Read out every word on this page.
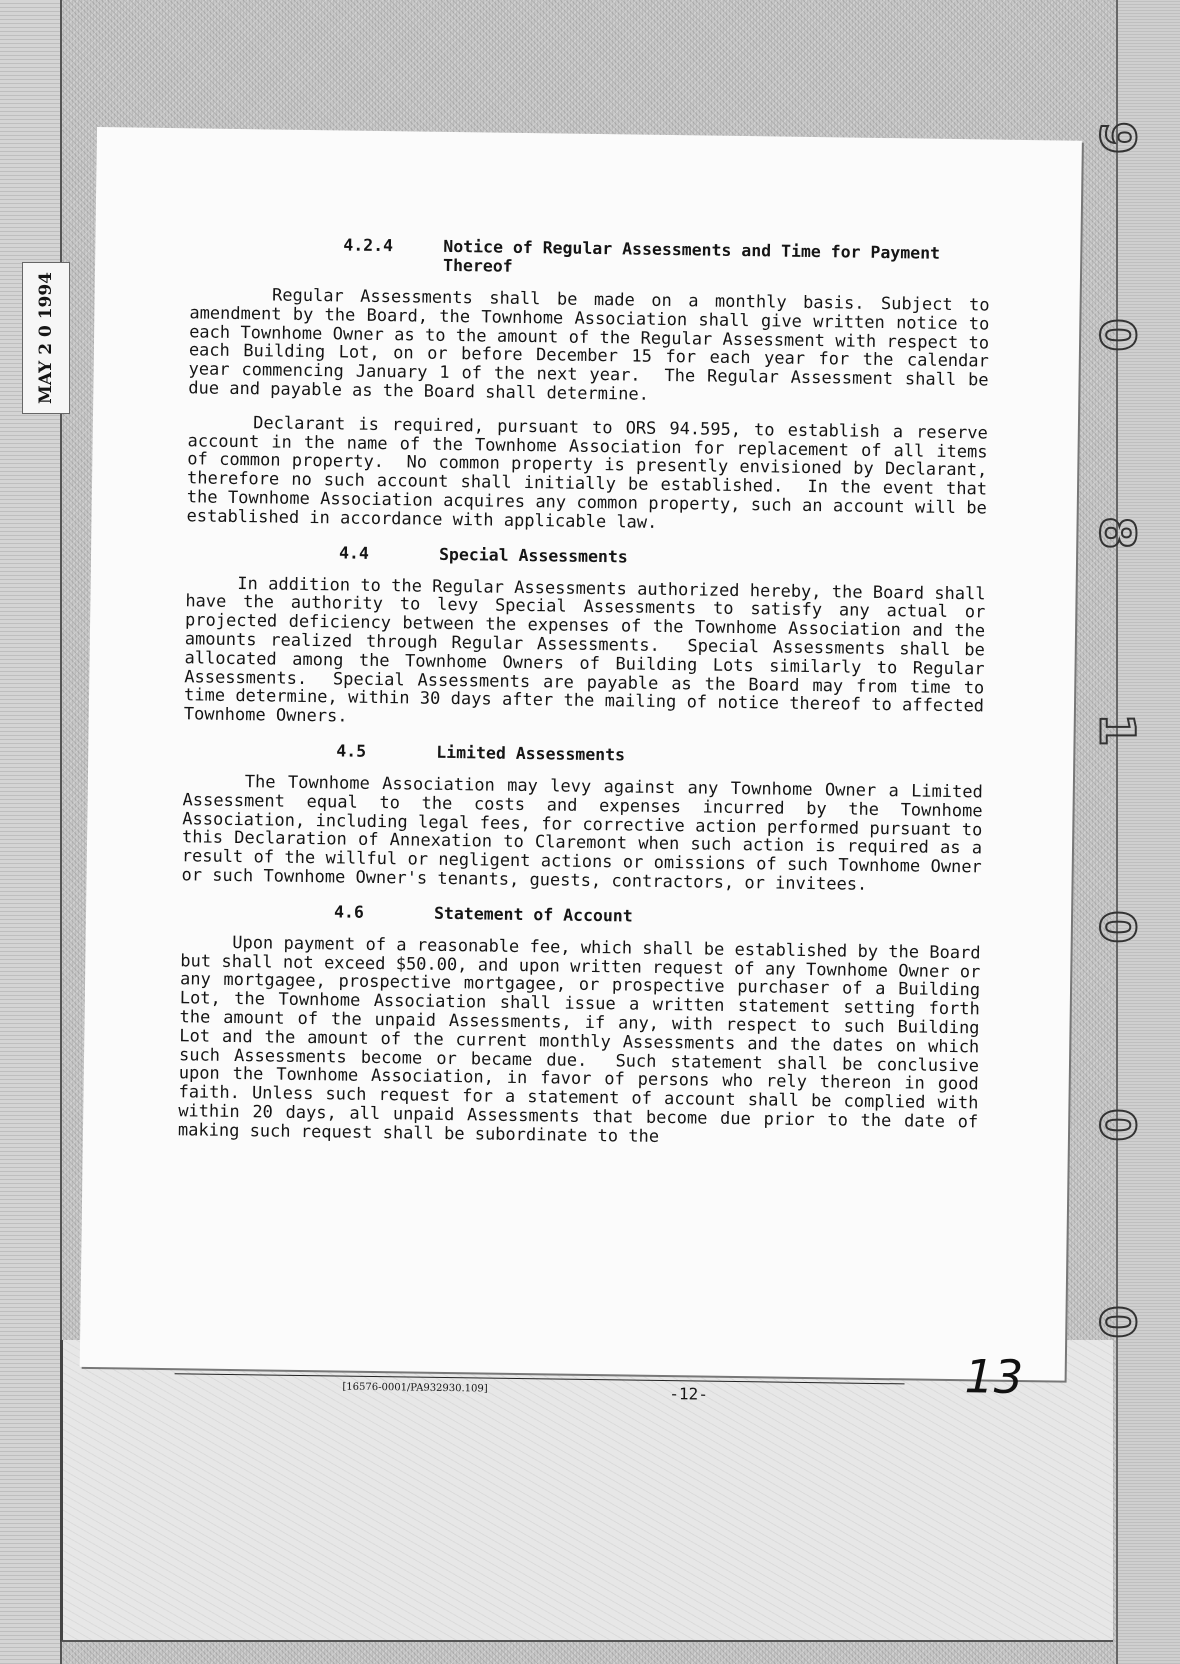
MAY 2 0 1994
9
0
8
1
0
0
0
4.2.4	Notice of Regular Assessments and Time for Payment Thereof

Regular Assessments shall be made on a monthly basis. Subject to amendment by the Board, the Townhome Association shall give written notice to each Townhome Owner as to the amount of the Regular Assessment with respect to each Building Lot, on or before December 15 for each year for the calendar year commencing January 1 of the next year.  The Regular Assessment shall be due and payable as the Board shall determine.

Declarant is required, pursuant to ORS 94.595, to establish a reserve account in the name of the Townhome Association for replacement of all items of common property.  No common property is presently envisioned by Declarant, therefore no such account shall initially be established.  In the event that the Townhome Association acquires any common property, such an account will be established in accordance with applicable law.

4.4	Special Assessments

In addition to the Regular Assessments authorized hereby, the Board shall have the authority to levy Special Assessments to satisfy any actual or projected deficiency between the expenses of the Townhome Association and the amounts realized through Regular Assessments.  Special Assessments shall be allocated among the Townhome Owners of Building Lots similarly to Regular Assessments.  Special Assessments are payable as the Board may from time to time determine, within 30 days after the mailing of notice thereof to affected Townhome Owners.

4.5	Limited Assessments

The Townhome Association may levy against any Townhome Owner a Limited Assessment equal to the costs and expenses incurred by the Townhome Association, including legal fees, for corrective action performed pursuant to this Declaration of Annexation to Claremont when such action is required as a result of the willful or negligent actions or omissions of such Townhome Owner or such Townhome Owner's tenants, guests, contractors, or invitees.

4.6	Statement of Account

Upon payment of a reasonable fee, which shall be established by the Board but shall not exceed $50.00, and upon written request of any Townhome Owner or any mortgagee, prospective mortgagee, or prospective purchaser of a Building Lot, the Townhome Association shall issue a written statement setting forth the amount of the unpaid Assessments, if any, with respect to such Building Lot and the amount of the current monthly Assessments and the dates on which such Assessments become or became due.  Such statement shall be conclusive upon the Townhome Association, in favor of persons who rely thereon in good faith. Unless such request for a statement of account shall be complied with within 20 days, all unpaid Assessments that become due prior to the date of making such request shall be subordinate to the

[16576-0001/PA932930.109]	-12-	13
